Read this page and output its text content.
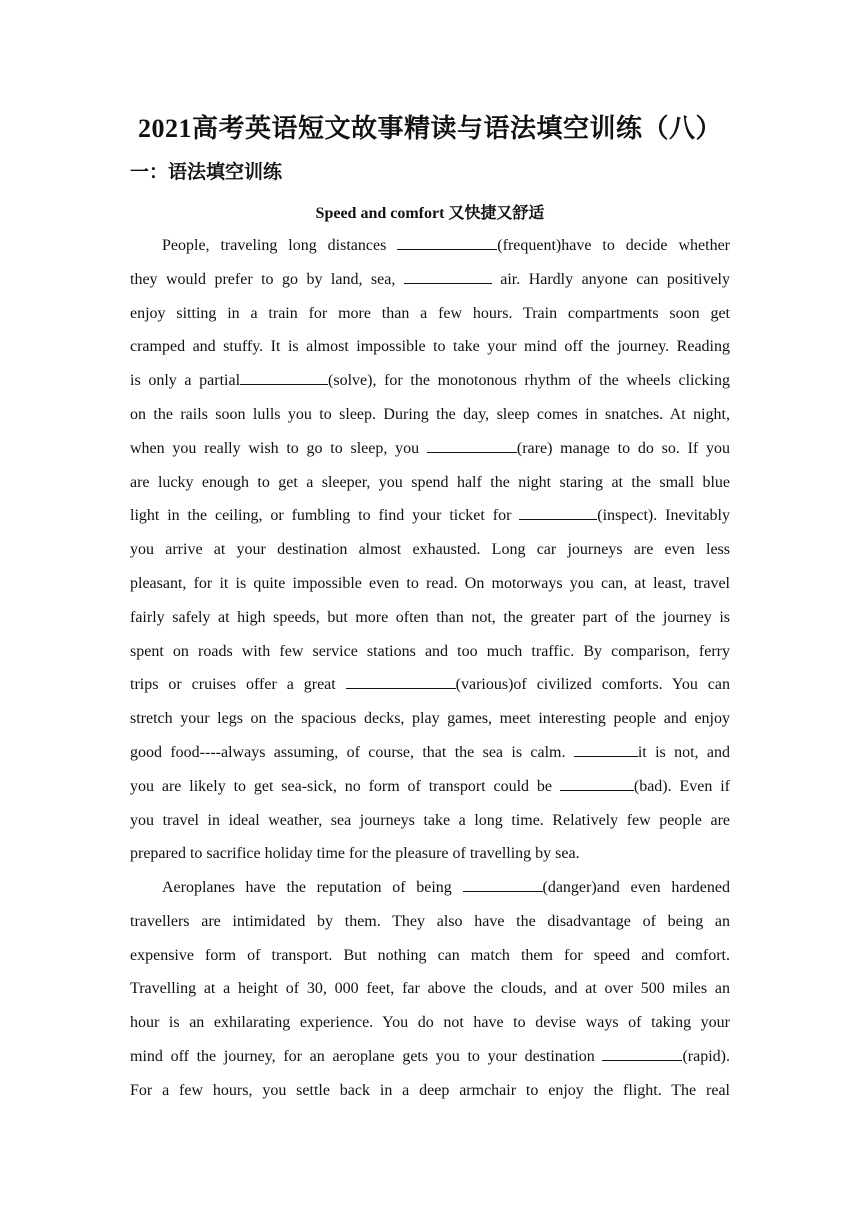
2021高考英语短文故事精读与语法填空训练（八）
一：语法填空训练
Speed and comfort 又快捷又舒适
People, traveling long distances	(frequent)have to decide whether
they would prefer to go by land, sea,	air. Hardly anyone can positively
enjoy sitting in a train for more than a few hours. Train compartments soon get
cramped and stuffy. It is almost impossible to take your mind off the journey. Reading
is only a partial	(solve), for the monotonous rhythm of the wheels clicking
on the rails soon lulls you to sleep. During the day, sleep comes in snatches. At night,
when you really wish to go to sleep, you	(rare) manage to do so. If you
are lucky enough to get a sleeper, you spend half the night staring at the small blue
light in the ceiling, or fumbling to find your ticket for	(inspect). Inevitably
you arrive at your destination almost exhausted. Long car journeys are even less
pleasant, for it is quite impossible even to read. On motorways you can, at least, travel
fairly safely at high speeds, but more often than not, the greater part of the journey is
spent on roads with few service stations and too much traffic. By comparison, ferry
trips or cruises offer a great	(various)of civilized comforts. You can
stretch your legs on the spacious decks, play games, meet interesting people and enjoy
good food----always assuming, of course, that the sea is calm.	it is not, and
you are likely to get sea-sick, no form of transport could be	(bad). Even if
you travel in ideal weather, sea journeys take a long time. Relatively few people are
prepared to sacrifice holiday time for the pleasure of travelling by sea.
Aeroplanes have the reputation of being	(danger)and even hardened
travellers are intimidated by them. They also have the disadvantage of being an
expensive form of transport. But nothing can match them for speed and comfort.
Travelling at a height of 30, 000 feet, far above the clouds, and at over 500 miles an
hour is an exhilarating experience. You do not have to devise ways of taking your
mind off the journey, for an aeroplane gets you to your destination	(rapid).
For a few hours, you settle back in a deep armchair to enjoy the flight. The real
